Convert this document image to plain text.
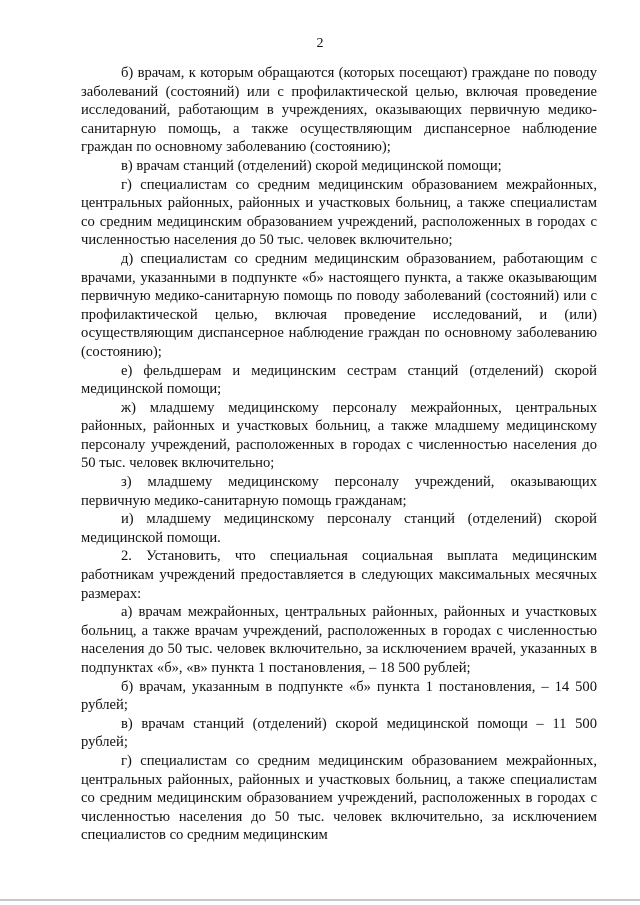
2

б) врачам, к которым обращаются (которых посещают) граждане по поводу заболеваний (состояний) или с профилактической целью, включая проведение исследований, работающим в учреждениях, оказывающих первичную медико-санитарную помощь, а также осуществляющим диспансерное наблюдение граждан по основному заболеванию (состоянию);

в) врачам станций (отделений) скорой медицинской помощи;

г) специалистам со средним медицинским образованием межрайонных, центральных районных, районных и участковых больниц, а также специалистам со средним медицинским образованием учреждений, расположенных в городах с численностью населения до 50 тыс. человек включительно;

д) специалистам со средним медицинским образованием, работающим с врачами, указанными в подпункте «б» настоящего пункта, а также оказывающим первичную медико-санитарную помощь по поводу заболеваний (состояний) или с профилактической целью, включая проведение исследований, и (или) осуществляющим диспансерное наблюдение граждан по основному заболеванию (состоянию);

е) фельдшерам и медицинским сестрам станций (отделений) скорой медицинской помощи;

ж) младшему медицинскому персоналу межрайонных, центральных районных, районных и участковых больниц, а также младшему медицинскому персоналу учреждений, расположенных в городах с численностью населения до 50 тыс. человек включительно;

з) младшему медицинскому персоналу учреждений, оказывающих первичную медико-санитарную помощь гражданам;

и) младшему медицинскому персоналу станций (отделений) скорой медицинской помощи.

2. Установить, что специальная социальная выплата медицинским работникам учреждений предоставляется в следующих максимальных месячных размерах:

а) врачам межрайонных, центральных районных, районных и участковых больниц, а также врачам учреждений, расположенных в городах с численностью населения до 50 тыс. человек включительно, за исключением врачей, указанных в подпунктах «б», «в» пункта 1 постановления, – 18 500 рублей;

б) врачам, указанным в подпункте «б» пункта 1 постановления, – 14 500 рублей;

в) врачам станций (отделений) скорой медицинской помощи – 11 500 рублей;

г) специалистам со средним медицинским образованием межрайонных, центральных районных, районных и участковых больниц, а также специалистам со средним медицинским образованием учреждений, расположенных в городах с численностью населения до 50 тыс. человек включительно, за исключением специалистов со средним медицинским
